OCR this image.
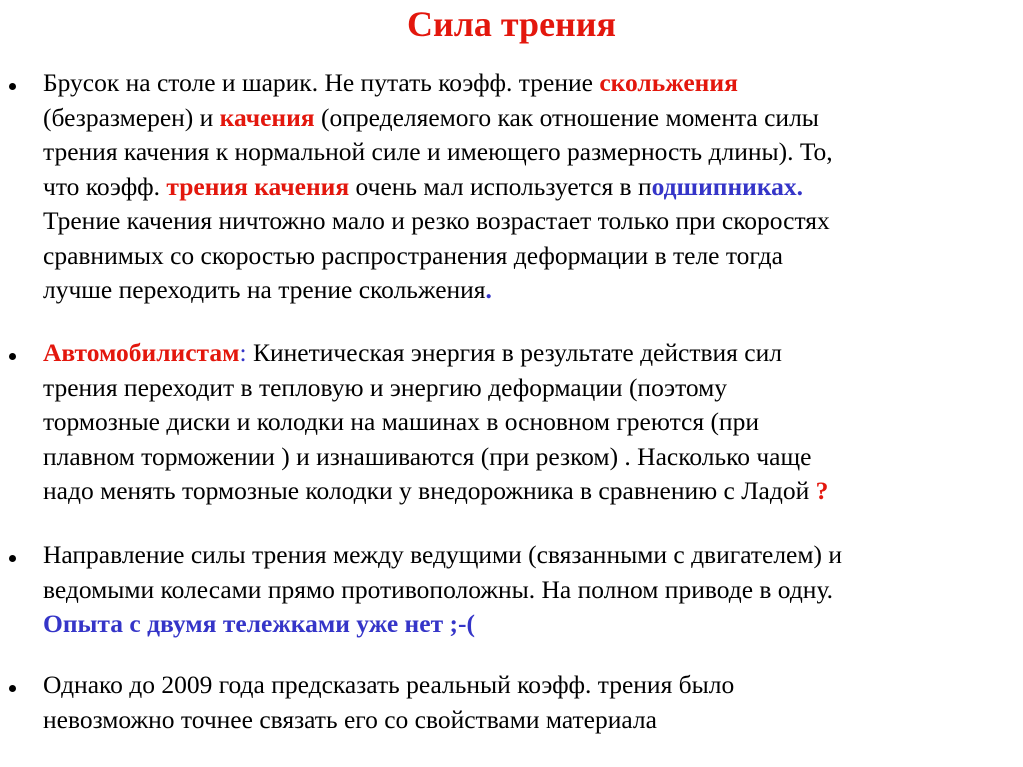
Сила трения
Брусок на столе и шарик. Не путать коэфф. трение скольжения
(безразмерен) и качения (определяемого как отношение момента силы
трения качения к нормальной силе и имеющего размерность длины). То,
что коэфф. трения качения очень мал используется в подшипниках.
Трение качения ничтожно мало и резко возрастает только при скоростях
сравнимых со скоростью распространения деформации в теле тогда
лучше переходить на трение скольжения.
Автомобилистам: Кинетическая энергия в результате действия сил
трения переходит в тепловую и энергию деформации (поэтому
тормозные диски и колодки на машинах в основном греются (при
плавном торможении ) и изнашиваются (при резком) . Насколько чаще
надо менять тормозные колодки у внедорожника в сравнению с Ладой ?
Направление силы трения между ведущими (связанными с двигателем) и
ведомыми колесами прямо противоположны. На полном приводе в одну.
Опыта с двумя тележками уже нет ;-(
Однако до 2009 года предсказать реальный коэфф. трения было
невозможно точнее связать его со свойствами материала
